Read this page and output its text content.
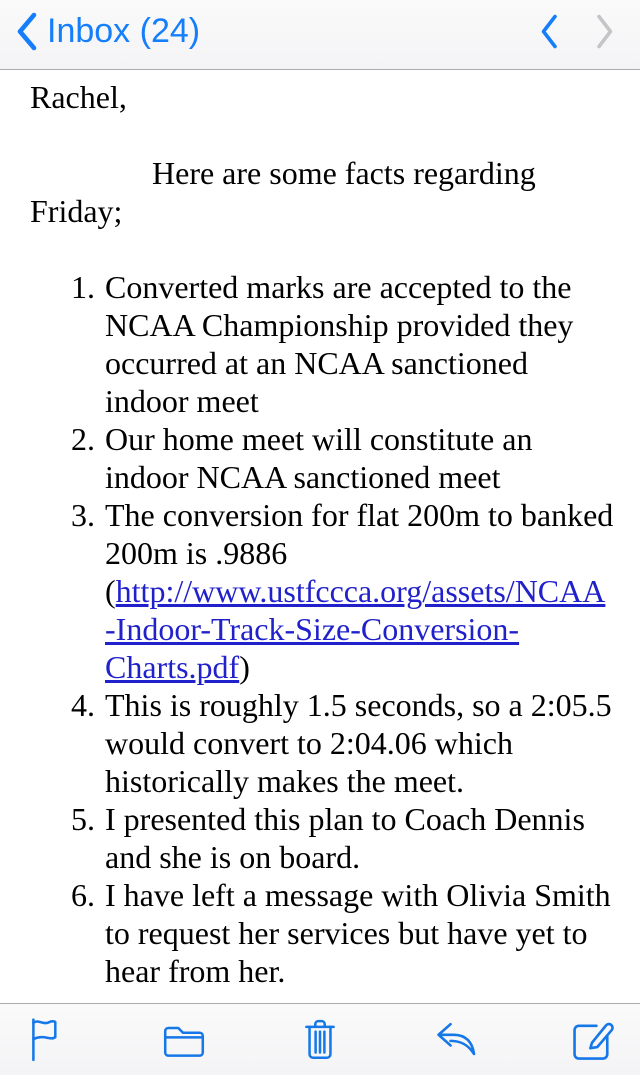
Inbox (24)

Rachel,

Here are some facts regarding Friday;

1. Converted marks are accepted to the NCAA Championship provided they occurred at an NCAA sanctioned indoor meet
2. Our home meet will constitute an indoor NCAA sanctioned meet
3. The conversion for flat 200m to banked 200m is .9886 (http://www.ustfccca.org/assets/NCAA-Indoor-Track-Size-Conversion-Charts.pdf)
4. This is roughly 1.5 seconds, so a 2:05.5 would convert to 2:04.06 which historically makes the meet.
5. I presented this plan to Coach Dennis and she is on board.
6. I have left a message with Olivia Smith to request her services but have yet to hear from her.
